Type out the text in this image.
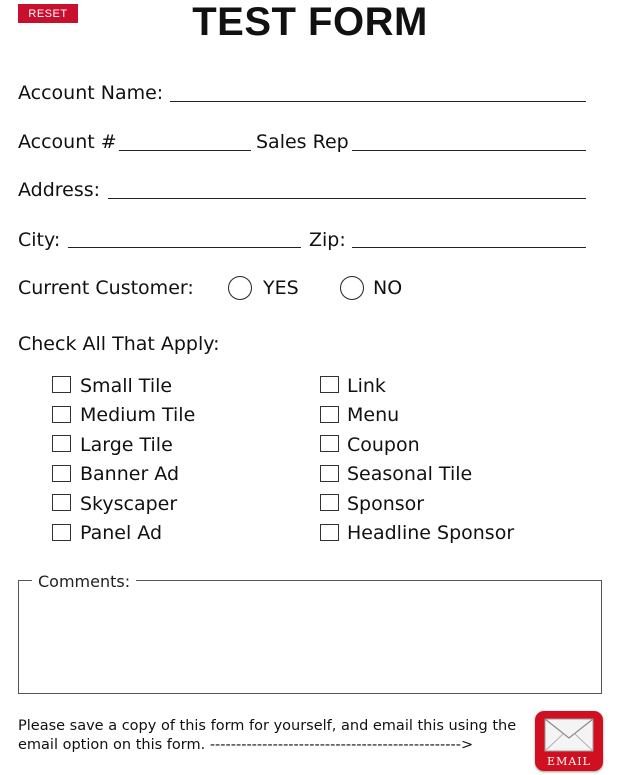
RESET	TEST FORM
Account Name:
Account #	Sales Rep
Address:
City:	Zip:
Current Customer:	YES	NO
Check All That Apply:
Small Tile
Medium Tile
Large Tile
Banner Ad
Skyscaper
Panel Ad
Link
Menu
Coupon
Seasonal Tile
Sponsor
Headline Sponsor
Comments:
Please save a copy of this form for yourself, and email this using the
email option on this form. ------------------------------------------------>
EMAIL
